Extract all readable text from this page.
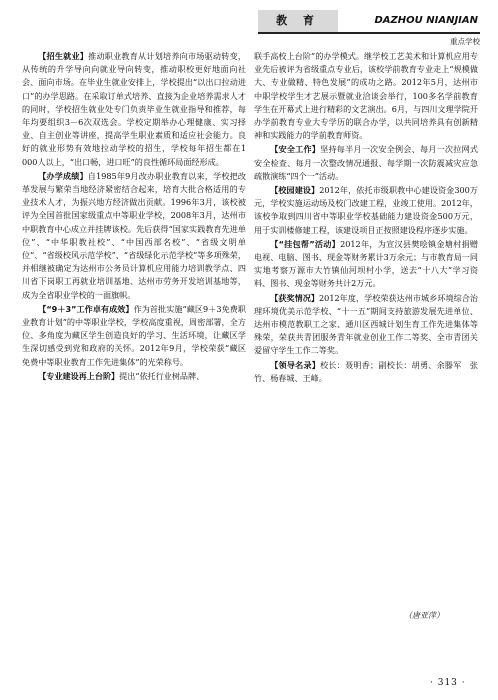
教 育	DAZHOU NIANJIAN
重点学校

【招生就业】推动职业教育从计划培养向市场驱动转变，从传统的升学导向向就业导向转变，推动职校更好地面向社会、面向市场。在毕业生就业安排上，学校提出“以出口拉动进口”的办学思路。在采取订单式培养、直接为企业培养需求人才的同时，学校招生就业处专门负责毕业生就业指导和推荐，每年均要组织3－6次双选会。学校定期举办心理健康、实习择业、自主创业等讲座，提高学生职业素质和适应社会能力。良好的就业形势有效地拉动学校的招生，学校每年招生都在1 000人以上，“出口畅，进口旺”的良性循环局面经形成。

【办学成绩】自1985年9月改办职业教育以来，学校把改革发展与繁荣当地经济紧密结合起来，培育大批合格适用的专业技术人才，为振兴地方经济做出贡献。1996年3月，该校被评为全国首批国家级重点中等职业学校，2008年3月，达州市中职教育中心成立并挂牌该校。先后获得“国家实践教育先进单位”、“中华职教社校”、“中国西部名校”、“省级文明单位”、“省级校风示范学校”、“省级绿化示范学校”等多项殊荣，并相继被确定为达州市公务员计算机应用能力培训教学点、四川省下岗职工再就业培训基地、达州市劳务开发培训基地等，成为全省职业学校的一面旗帜。

【“9＋3”工作卓有成效】作为首批实施“藏区9＋3免费职业教育计划”的中等职业学校，学校高度重视，周密部署，全方位、多角度为藏区学生创造良好的学习、生活环境，让藏区学生深切感受到党和政府的关怀。2012年9月，学校荣获“藏区免费中等职业教育工作先进集体”的光荣称号。

【专业建设再上台阶】提出“依托行业树品牌、

联手高校上台阶”的办学模式。继学校工艺美术和计算机应用专业先后被评为省级重点专业后，该校学前教育专业走上“规模做大、专业做精、特色发展”的成功之路。2012年5月，达州市中职学校学生才艺展示暨就业洽谈会举行，100多名学前教育学生在开幕式上进行精彩的文艺演出。6月，与四川文理学院开办学前教育专业大专学历的联合办学，以共同培养具有创新精神和实践能力的学前教育师资。

【安全工作】坚持每半月一次安全例会、每月一次拉网式安全检查、每月一次整改情况通报、每学期一次防震减灾应急疏散演练“四个一”活动。

【校园建设】2012年，依托市级职教中心建设资金300万元，学校实施运动场及校门改建工程，业竣工使用。2012年，该校争取到四川省中等职业学校基础能力建设资金500万元，用于实训楼修建工程，该建设项目正按照建设程序逐步实施。

【“挂包帮”活动】2012年，为宣汉县樊哙镇金塘村捐赠电视、电脑、图书、现金等财务累计3万余元；与市教育局一同实地考察万源市大竹镇仙河坝村小学，送去“十八大”学习资料、图书、现金等财务共计2万元。

【获奖情况】2012年度，学校荣获达州市城乡环境综合治理环境优美示范学校、“十一五”期间支持旅游发展先进单位、达州市模范教职工之家、通川区西城计划生育工作先进集体等殊荣，荣获共青团服务青年就业创业工作二等奖、全市青团关爱留守学生工作二等奖。

【领导名录】校长：聂明香；副校长：胡勇、余滕军　张竹、杨春城、王峰。

（唐亚萍）
· 313 ·
